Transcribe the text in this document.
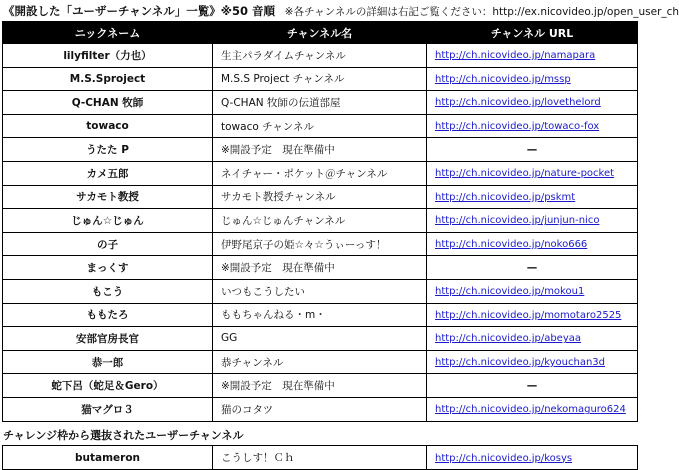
《開設した「ユーザーチャンネル」一覧》※50 音順 ※各チャンネルの詳細は右記ご覧ください：http://ex.nicovideo.jp/open_user_ch
ニックネーム	チャンネル名	チャンネル URL
lilyfilter（力也）	生主パラダイムチャンネル	http://ch.nicovideo.jp/namapara
M.S.Sproject	M.S.S Project チャンネル	http://ch.nicovideo.jp/mssp
Q-CHAN 牧師	Q-CHAN 牧師の伝道部屋	http://ch.nicovideo.jp/lovethelord
towaco	towaco チャンネル	http://ch.nicovideo.jp/towaco-fox
うたた P	※開設予定　現在準備中	—

カメ五郎	ネイチャー・ポケット＠チャンネル	http://ch.nicovideo.jp/nature-pocket
サカモト教授	サカモト教授チャンネル	http://ch.nicovideo.jp/pskmt
じゅん☆じゅん	じゅん☆じゅんチャンネル	http://ch.nicovideo.jp/junjun-nico
の子	伊野尾京子の姫☆々☆うぃーっす！	http://ch.nicovideo.jp/noko666
まっくす	※開設予定　現在準備中	—

もこう	いつもこうしたい	http://ch.nicovideo.jp/mokou1
ももたろ	ももちゃんねる・m・	http://ch.nicovideo.jp/momotaro2525
安部官房長官	GG	http://ch.nicovideo.jp/abeyaa
恭一郎	恭チャンネル	http://ch.nicovideo.jp/kyouchan3d
蛇下呂（蛇足＆Gero）	※開設予定　現在準備中	—

猫マグロ３	猫のコタツ	http://ch.nicovideo.jp/nekomaguro624
チャレンジ枠から選抜されたユーザーチャンネル
butameron	こうしす！Ｃｈ	http://ch.nicovideo.jp/kosys
